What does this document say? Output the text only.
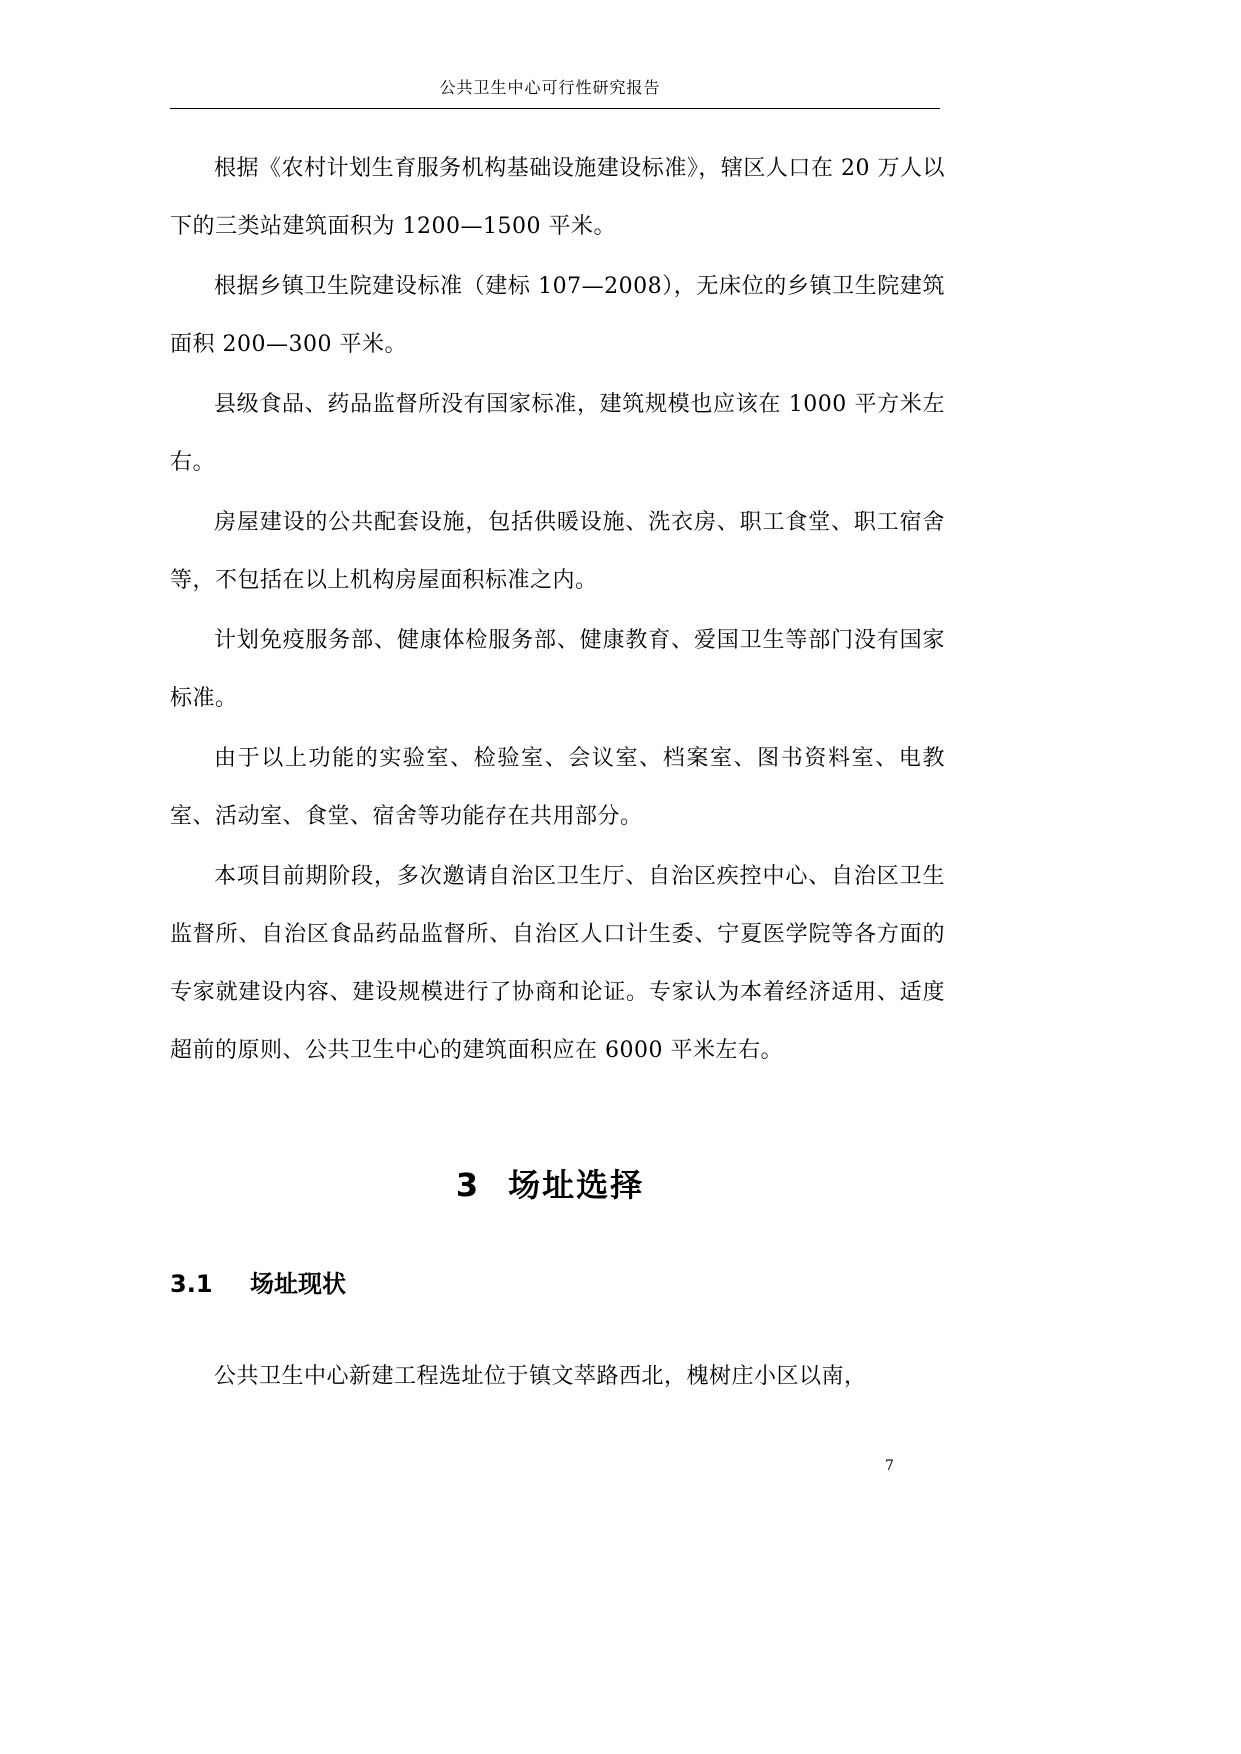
公共卫生中心可行性研究报告

根据《农村计划生育服务机构基础设施建设标准》，辖区人口在 20 万人以下的三类站建筑面积为 1200—1500 平米。

根据乡镇卫生院建设标准（建标 107—2008），无床位的乡镇卫生院建筑面积 200—300 平米。

县级食品、药品监督所没有国家标准，建筑规模也应该在 1000 平方米左右。

房屋建设的公共配套设施，包括供暖设施、洗衣房、职工食堂、职工宿舍等，不包括在以上机构房屋面积标准之内。

计划免疫服务部、健康体检服务部、健康教育、爱国卫生等部门没有国家标准。

由于以上功能的实验室、检验室、会议室、档案室、图书资料室、电教室、活动室、食堂、宿舍等功能存在共用部分。

本项目前期阶段，多次邀请自治区卫生厅、自治区疾控中心、自治区卫生监督所、自治区食品药品监督所、自治区人口计生委、宁夏医学院等各方面的专家就建设内容、建设规模进行了协商和论证。专家认为本着经济适用、适度超前的原则、公共卫生中心的建筑面积应在 6000 平米左右。

3 场址选择
3.1 场址现状

公共卫生中心新建工程选址位于镇文萃路西北，槐树庄小区以南，

7
